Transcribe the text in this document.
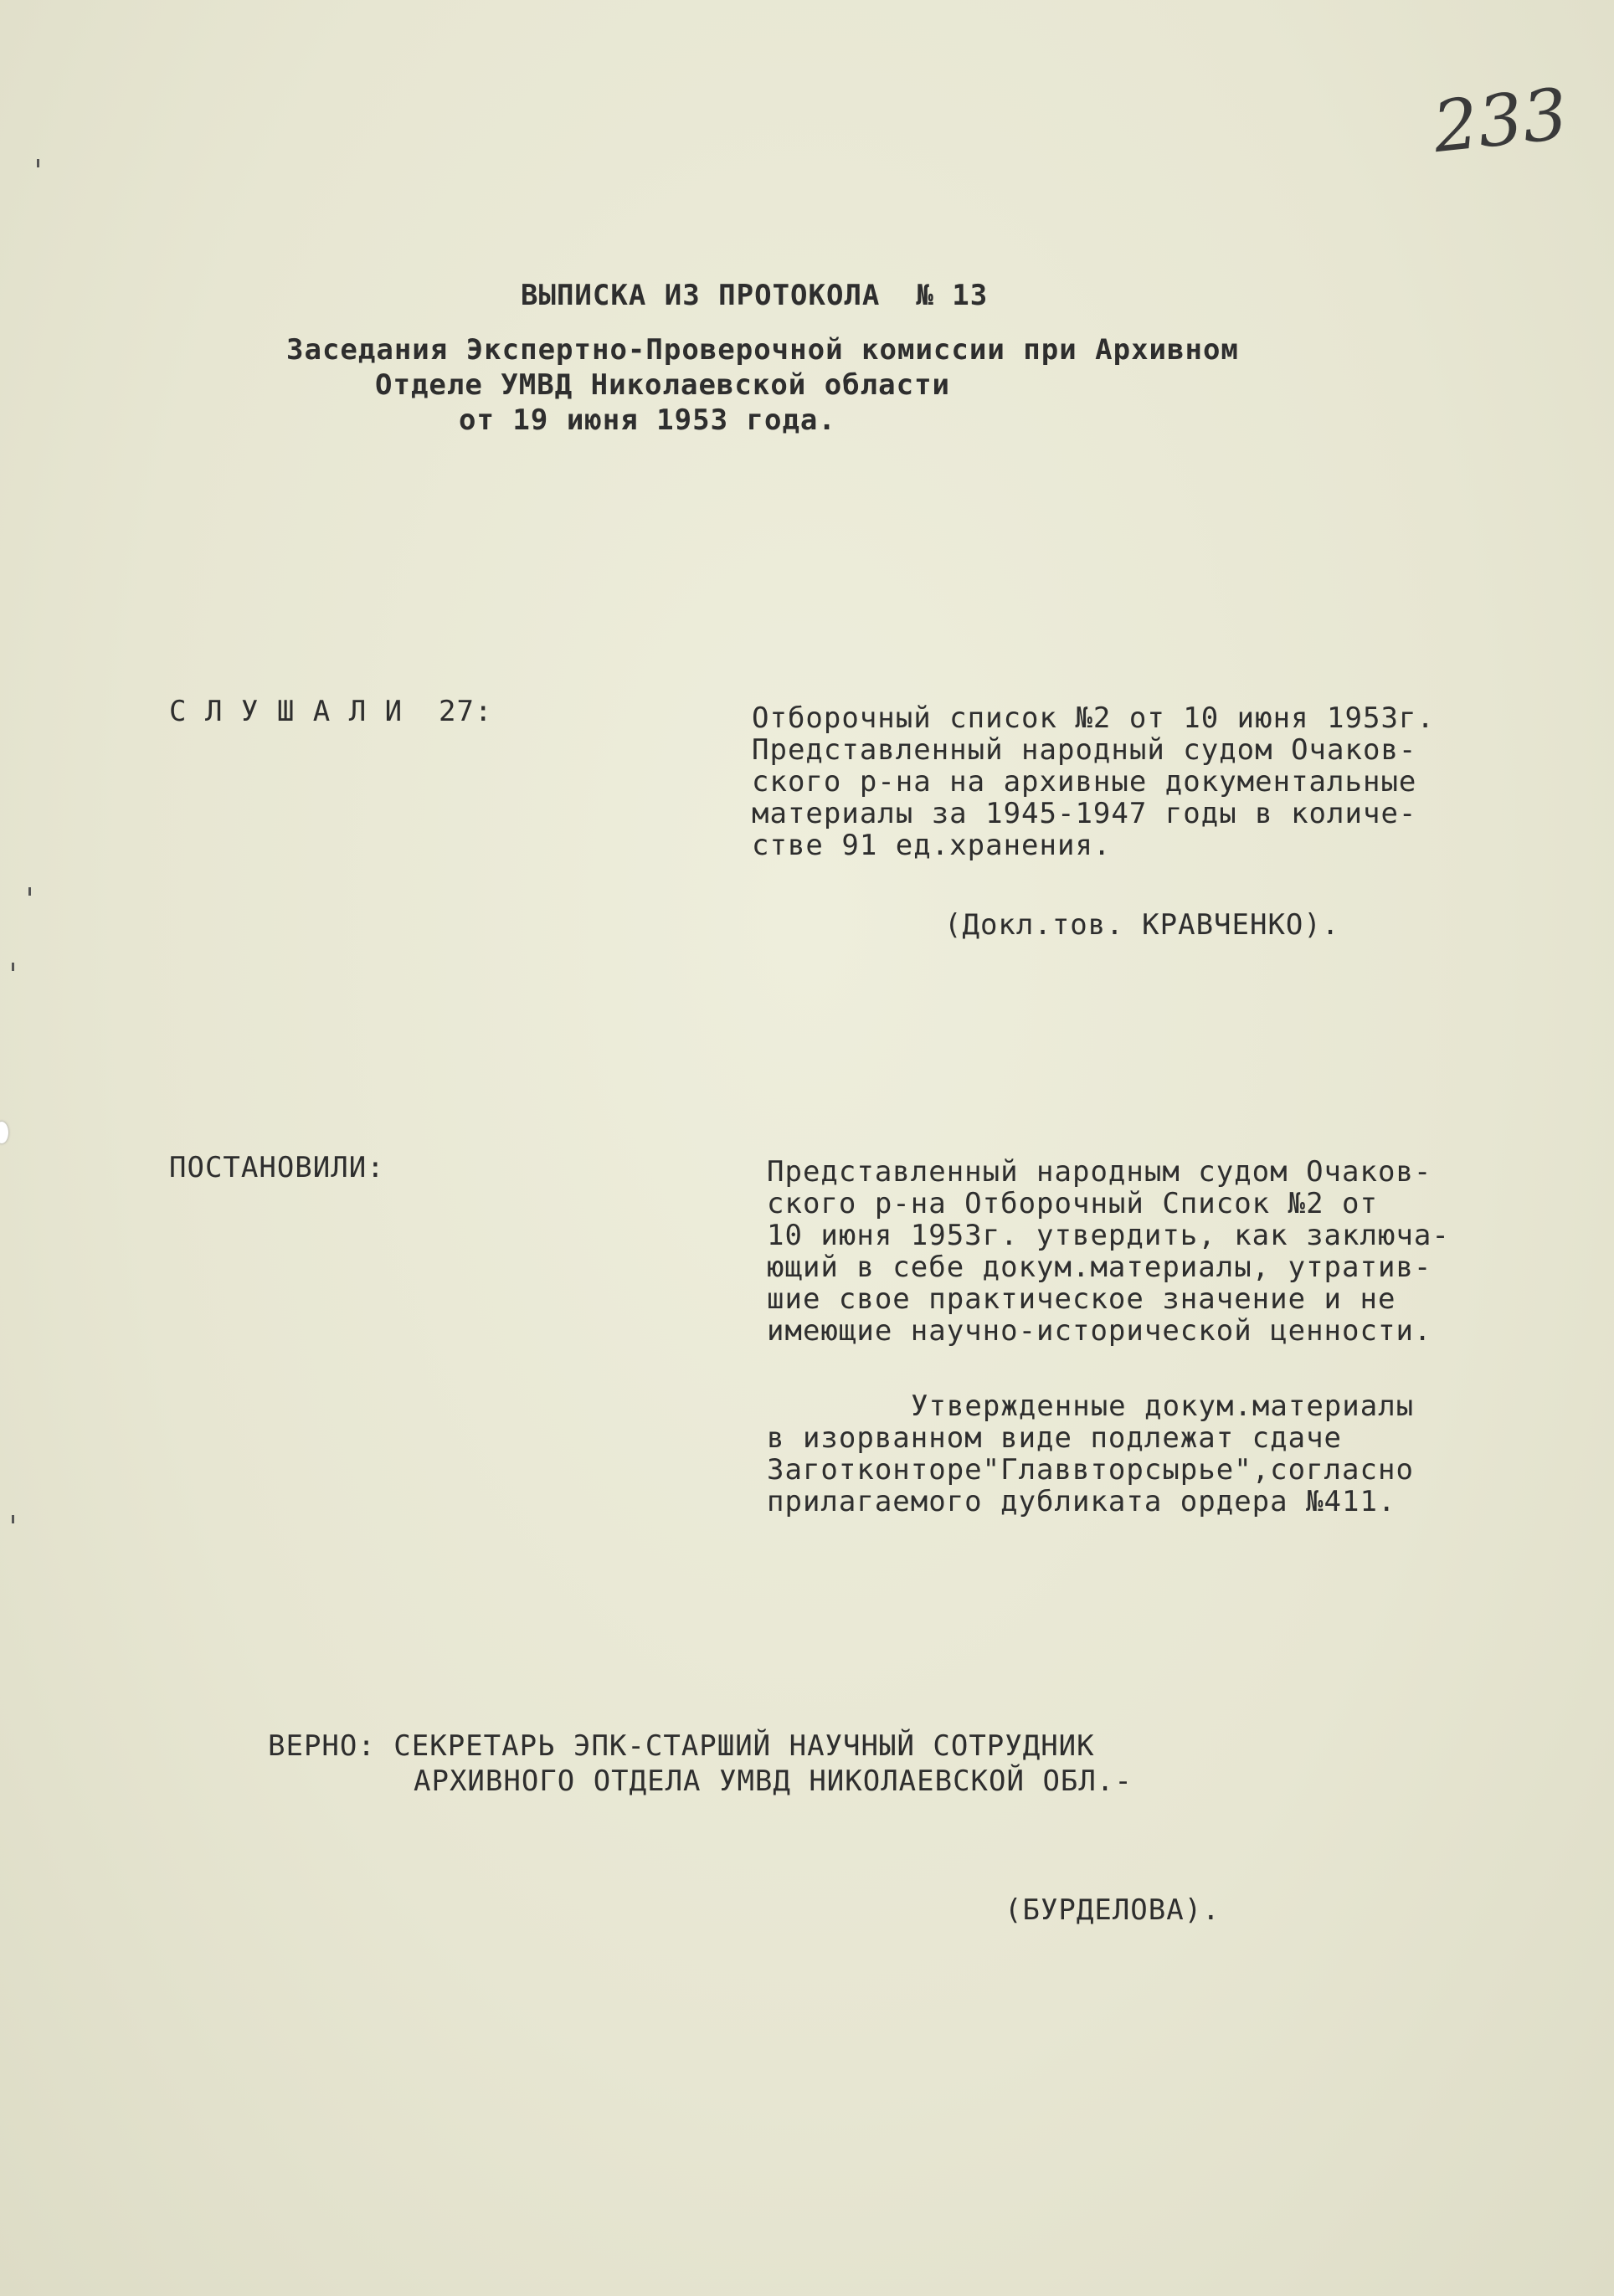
233
ВЫПИСКА ИЗ ПРОТОКОЛА  № 13
Заседания Экспертно-Проверочной комиссии при Архивном
Отделе УМВД Николаевской области
от 19 июня 1953 года.
С Л У Ш А Л И  27:	Отборочный список №2 от 10 июня 1953г.
Представленный народный судом Очаков-
ского р-на на архивные документальные
материалы за 1945-1947 годы в количе-
стве 91 ед.хранения.
(Докл.тов. КРАВЧЕНКО).
ПОСТАНОВИЛИ:	Представленный народным судом Очаков-
ского р-на Отборочный Список №2 от
10 июня 1953г. утвердить, как заключа-
ющий в себе докум.материалы, утратив-
шие свое практическое значение и не
имеющие научно-исторической ценности.
Утвержденные докум.материалы
в изорванном виде подлежат сдаче
Заготконторе"Главвторсырье",согласно
прилагаемого дубликата ордера №411.
ВЕРНО: СЕКРЕТАРЬ ЭПК-СТАРШИЙ НАУЧНЫЙ СОТРУДНИК
АРХИВНОГО ОТДЕЛА УМВД НИКОЛАЕВСКОЙ ОБЛ.-
(БУРДЕЛОВА).
